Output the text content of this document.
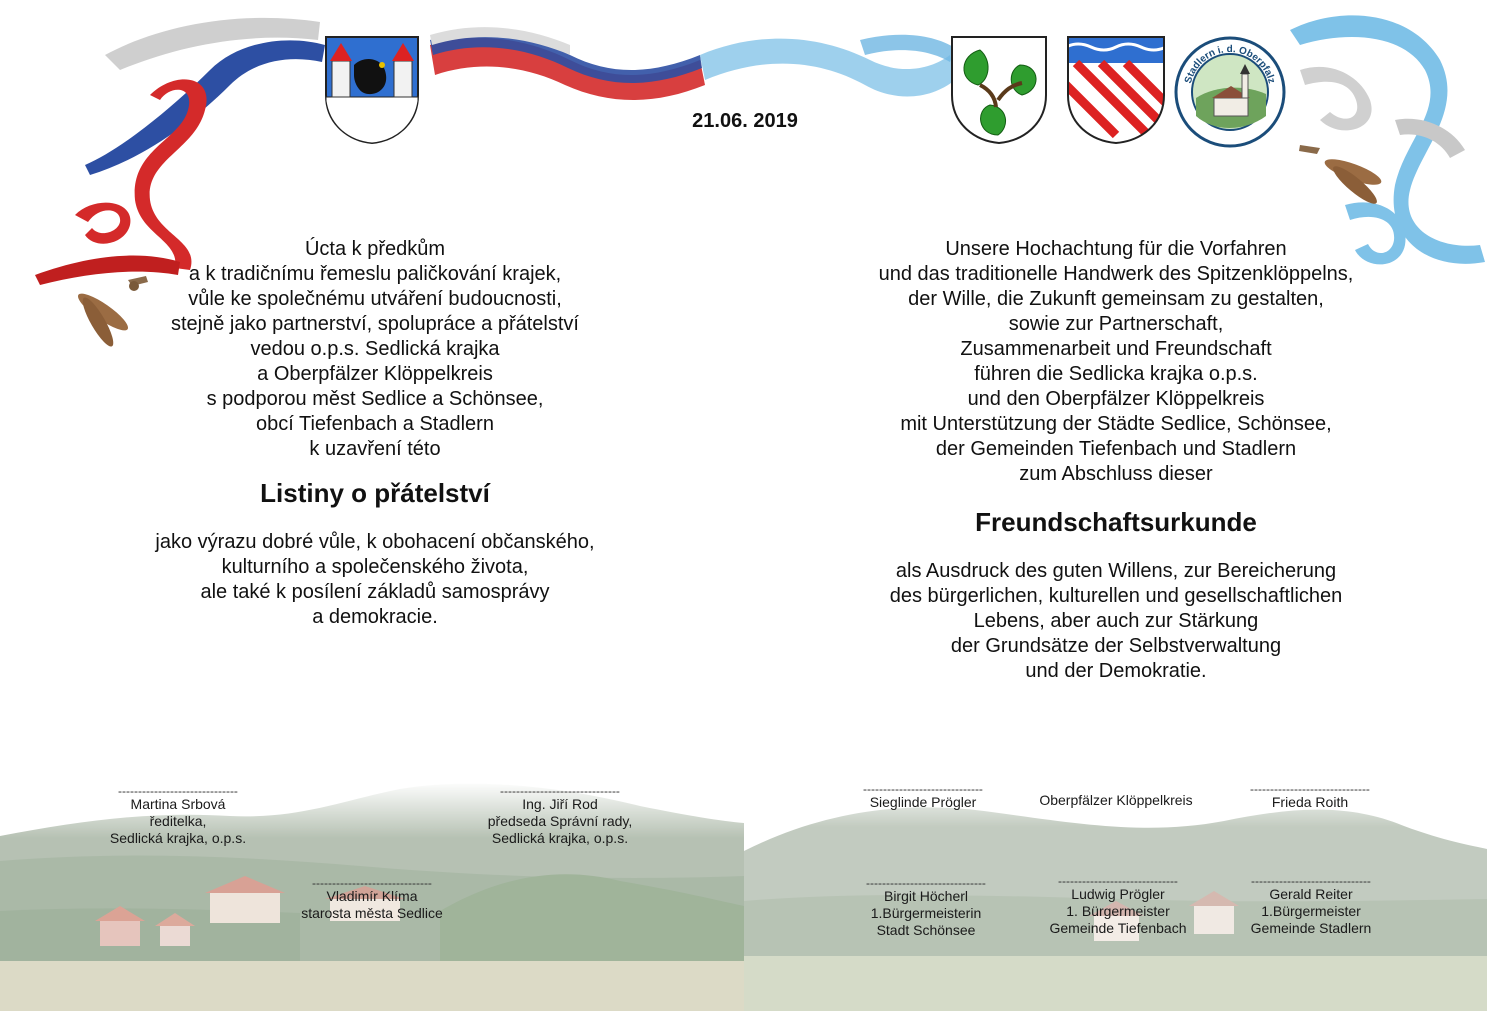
Stadlern i. d. Oberpfalz
21.06. 2019
Úcta k předkům
a k tradičnímu řemeslu paličkování krajek,
vůle ke společnému utváření budoucnosti,
stejně jako partnerství, spolupráce a přátelství
vedou o.p.s. Sedlická krajka
a Oberpfälzer Klöppelkreis
s podporou měst Sedlice a Schönsee,
obcí Tiefenbach a Stadlern
k uzavření této
Listiny o přátelství
jako výrazu dobré vůle, k obohacení občanského,
kulturního a společenského života,
ale také k posílení základů samosprávy
a demokracie.
Unsere Hochachtung für die Vorfahren
und das traditionelle Handwerk des Spitzenklöppelns,
der Wille, die Zukunft gemeinsam zu gestalten,
sowie zur Partnerschaft,
Zusammenarbeit und Freundschaft
führen die Sedlicka krajka o.p.s.
und den Oberpfälzer Klöppelkreis
mit Unterstützung der Städte Sedlice, Schönsee,
der Gemeinden Tiefenbach und Stadlern
zum Abschluss dieser
Freundschaftsurkunde
als Ausdruck des guten Willens, zur Bereicherung
des bürgerlichen, kulturellen und gesellschaftlichen
Lebens, aber auch zur Stärkung
der Grundsätze der Selbstverwaltung
und der Demokratie.
------------------------------
Martina Srbová
ředitelka,
Sedlická krajka, o.p.s.
------------------------------
Ing. Jiří Rod
předseda Správní rady,
Sedlická krajka, o.p.s.
------------------------------
Vladimír Klíma
starosta města Sedlice
------------------------------
Sieglinde Prögler	Oberpfälzer Klöppelkreis
------------------------------
Frieda Roith
------------------------------
Birgit Höcherl
1.Bürgermeisterin
Stadt Schönsee
------------------------------
Ludwig Prögler
1. Bürgermeister
Gemeinde Tiefenbach
------------------------------
Gerald Reiter
1.Bürgermeister
Gemeinde Stadlern
